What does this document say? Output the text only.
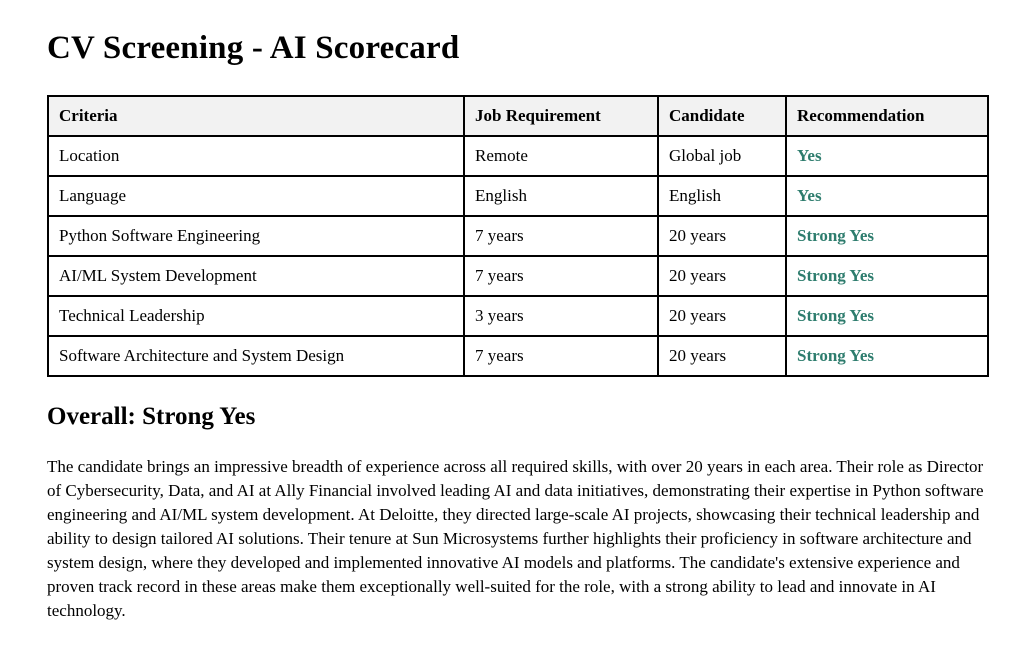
CV Screening - AI Scorecard
Criteria	Job Requirement	Candidate	Recommendation
Location	Remote	Global job	Yes
Language	English	English	Yes
Python Software Engineering	7 years	20 years	Strong Yes
AI/ML System Development	7 years	20 years	Strong Yes
Technical Leadership	3 years	20 years	Strong Yes
Software Architecture and System Design	7 years	20 years	Strong Yes
Overall: Strong Yes

The candidate brings an impressive breadth of experience across all required skills, with over 20 years in each area. Their role as Director of Cybersecurity, Data, and AI at Ally Financial involved leading AI and data initiatives, demonstrating their expertise in Python software engineering and AI/ML system development. At Deloitte, they directed large-scale AI projects, showcasing their technical leadership and ability to design tailored AI solutions. Their tenure at Sun Microsystems further highlights their proficiency in software architecture and system design, where they developed and implemented innovative AI models and platforms. The candidate's extensive experience and proven track record in these areas make them exceptionally well-suited for the role, with a strong ability to lead and innovate in AI technology.
